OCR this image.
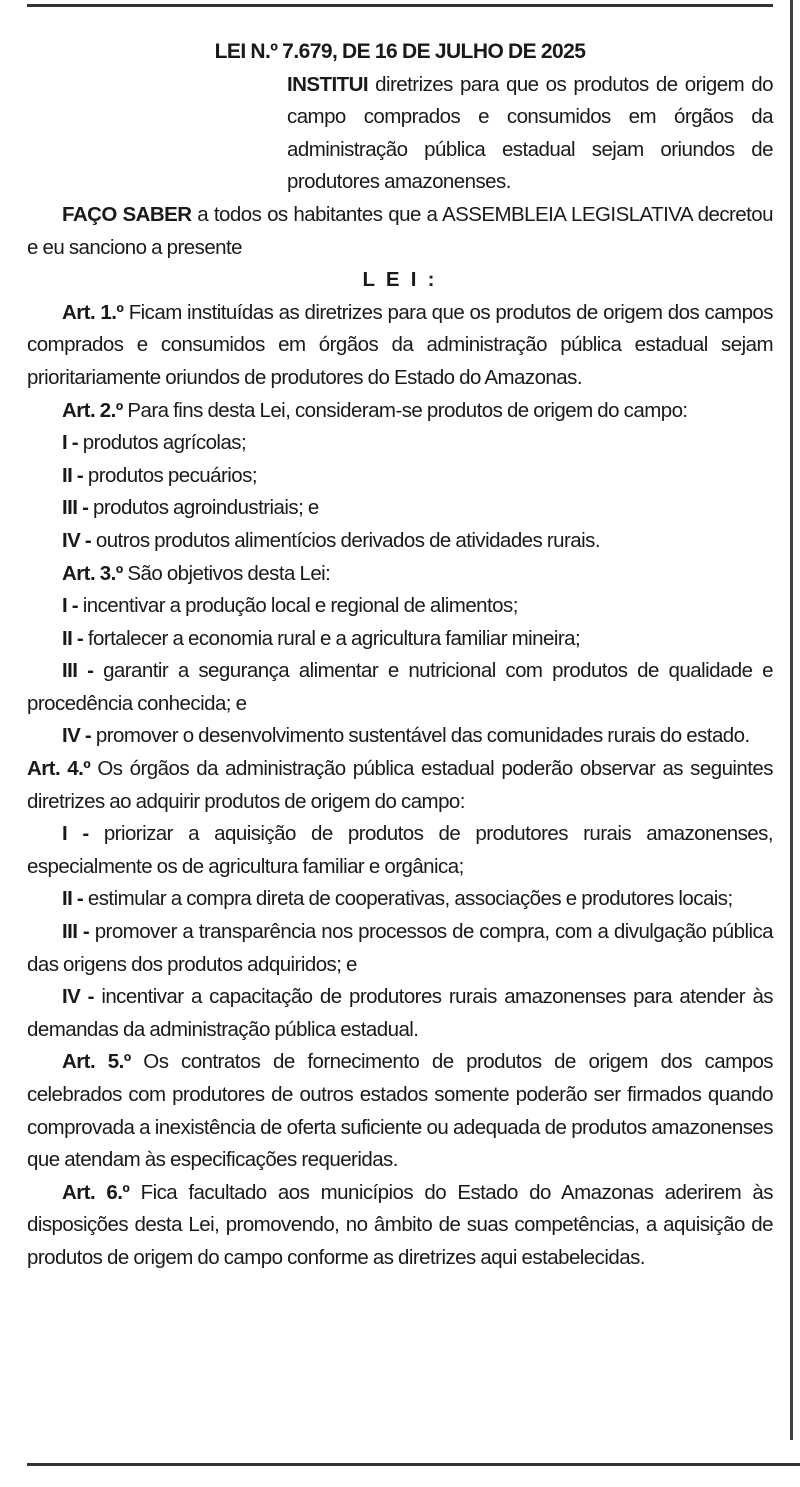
LEI N.º 7.679, DE 16 DE JULHO DE 2025

INSTITUI diretrizes para que os produtos de origem do campo comprados e consumidos em órgãos da administração pública estadual sejam oriundos de produtores amazonenses.

FAÇO SABER a todos os habitantes que a ASSEMBLEIA LEGISLATIVA decretou e eu sanciono a presente

L E I :

Art. 1.º Ficam instituídas as diretrizes para que os produtos de origem dos campos comprados e consumidos em órgãos da administração pública estadual sejam prioritariamente oriundos de produtores do Estado do Amazonas.

Art. 2.º Para fins desta Lei, consideram-se produtos de origem do campo:

I - produtos agrícolas;

II - produtos pecuários;

III - produtos agroindustriais; e

IV - outros produtos alimentícios derivados de atividades rurais.

Art. 3.º São objetivos desta Lei:

I - incentivar a produção local e regional de alimentos;

II - fortalecer a economia rural e a agricultura familiar mineira;

III - garantir a segurança alimentar e nutricional com produtos de qualidade e procedência conhecida; e

IV - promover o desenvolvimento sustentável das comunidades rurais do estado.

Art. 4.º Os órgãos da administração pública estadual poderão observar as seguintes diretrizes ao adquirir produtos de origem do campo:

I - priorizar a aquisição de produtos de produtores rurais amazonenses, especialmente os de agricultura familiar e orgânica;

II - estimular a compra direta de cooperativas, associações e produtores locais;

III - promover a transparência nos processos de compra, com a divulgação pública das origens dos produtos adquiridos; e

IV - incentivar a capacitação de produtores rurais amazonenses para atender às demandas da administração pública estadual.

Art. 5.º Os contratos de fornecimento de produtos de origem dos campos celebrados com produtores de outros estados somente poderão ser firmados quando comprovada a inexistência de oferta suficiente ou adequada de produtos amazonenses que atendam às especificações requeridas.

Art. 6.º Fica facultado aos municípios do Estado do Amazonas aderirem às disposições desta Lei, promovendo, no âmbito de suas competências, a aquisição de produtos de origem do campo conforme as diretrizes aqui estabelecidas.
